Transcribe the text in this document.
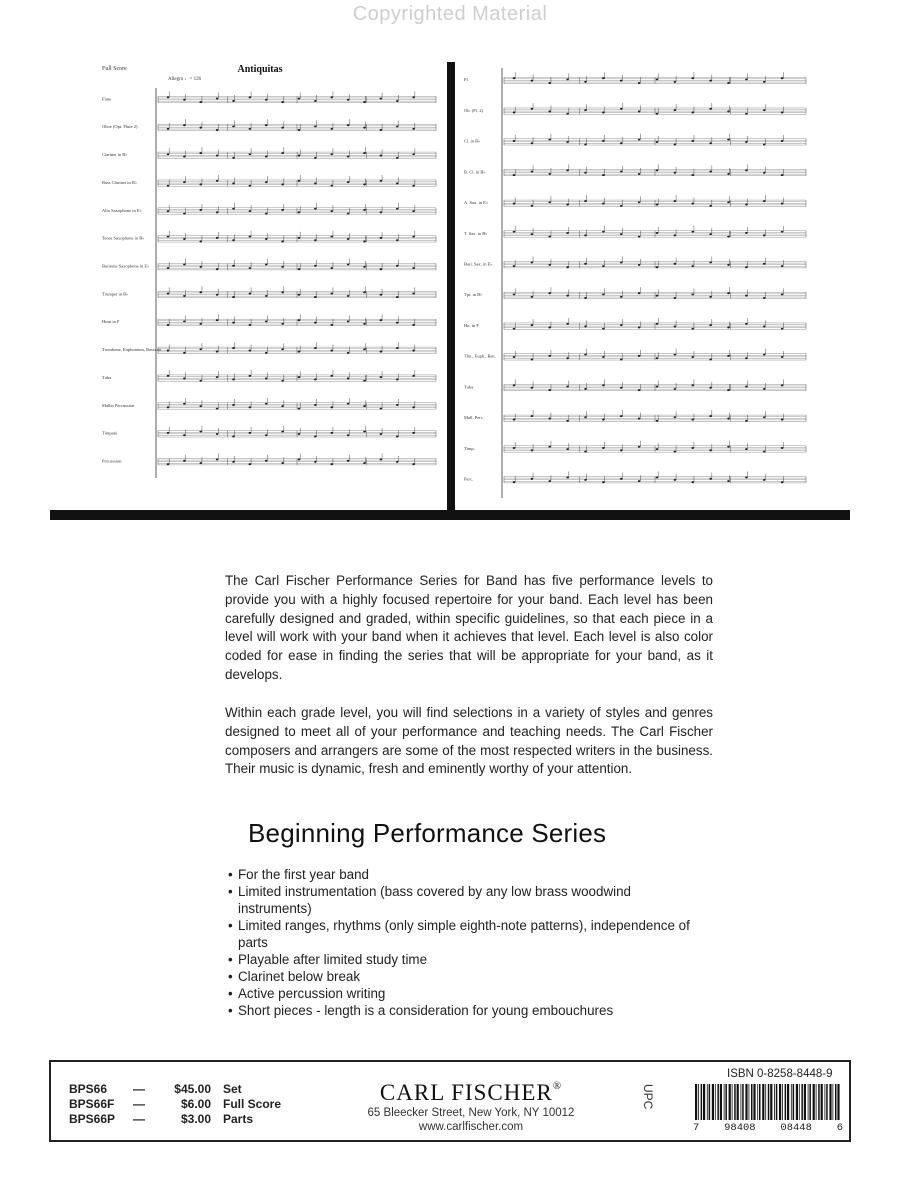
Copyrighted Material
Flute
Oboe (Opt. Flute 2)
Clarinet in B♭
Bass Clarinet in B♭
Alto Saxophone in E♭
Tenor Saxophone in B♭
Baritone Saxophone in E♭
Trumpet in B♭
Horn in F
Trombone, Euphonium, Bassoon
Tuba
Mallet Percussion
Timpani
Percussion
Fl.
Ob. (Fl. 2)
Cl. in B♭
B. Cl. in B♭
A. Sax. in E♭
T. Sax. in B♭
Bari. Sax. in E♭
Tpt. in B♭
Hn. in F
Tbn., Euph., Bsn.
Tuba
Mall. Perc.
Timp.
Perc.
Full Score	Antiquitas
Allegro ♩= 126
The Carl Fischer Performance Series for Band has five performance levels to provide you with a highly focused repertoire for your band. Each level has been carefully designed and graded, within specific guidelines, so that each piece in a level will work with your band when it achieves that level. Each level is also color coded for ease in finding the series that will be appropriate for your band, as it develops.
Within each grade level, you will find selections in a variety of styles and genres designed to meet all of your performance and teaching needs. The Carl Fischer composers and arrangers are some of the most respected writers in the business. Their music is dynamic, fresh and eminently worthy of your attention.
Beginning Performance Series
• For the first year band
• Limited instrumentation (bass covered by any low brass woodwind instruments)
• Limited ranges, rhythms (only simple eighth-note patterns), independence of parts
• Playable after limited study time
• Clarinet below break
• Active percussion writing
• Short pieces - length is a consideration for young embouchures
BPS66	—	$45.00 Set
BPS66F	—	$6.00 Full Score
BPS66P	—	$3.00 Parts
CARL FISCHER®
65 Bleecker Street, New York, NY 10012
www.carlfischer.com
UPC
ISBN 0-8258-8448-9
7 98408 08448 6
